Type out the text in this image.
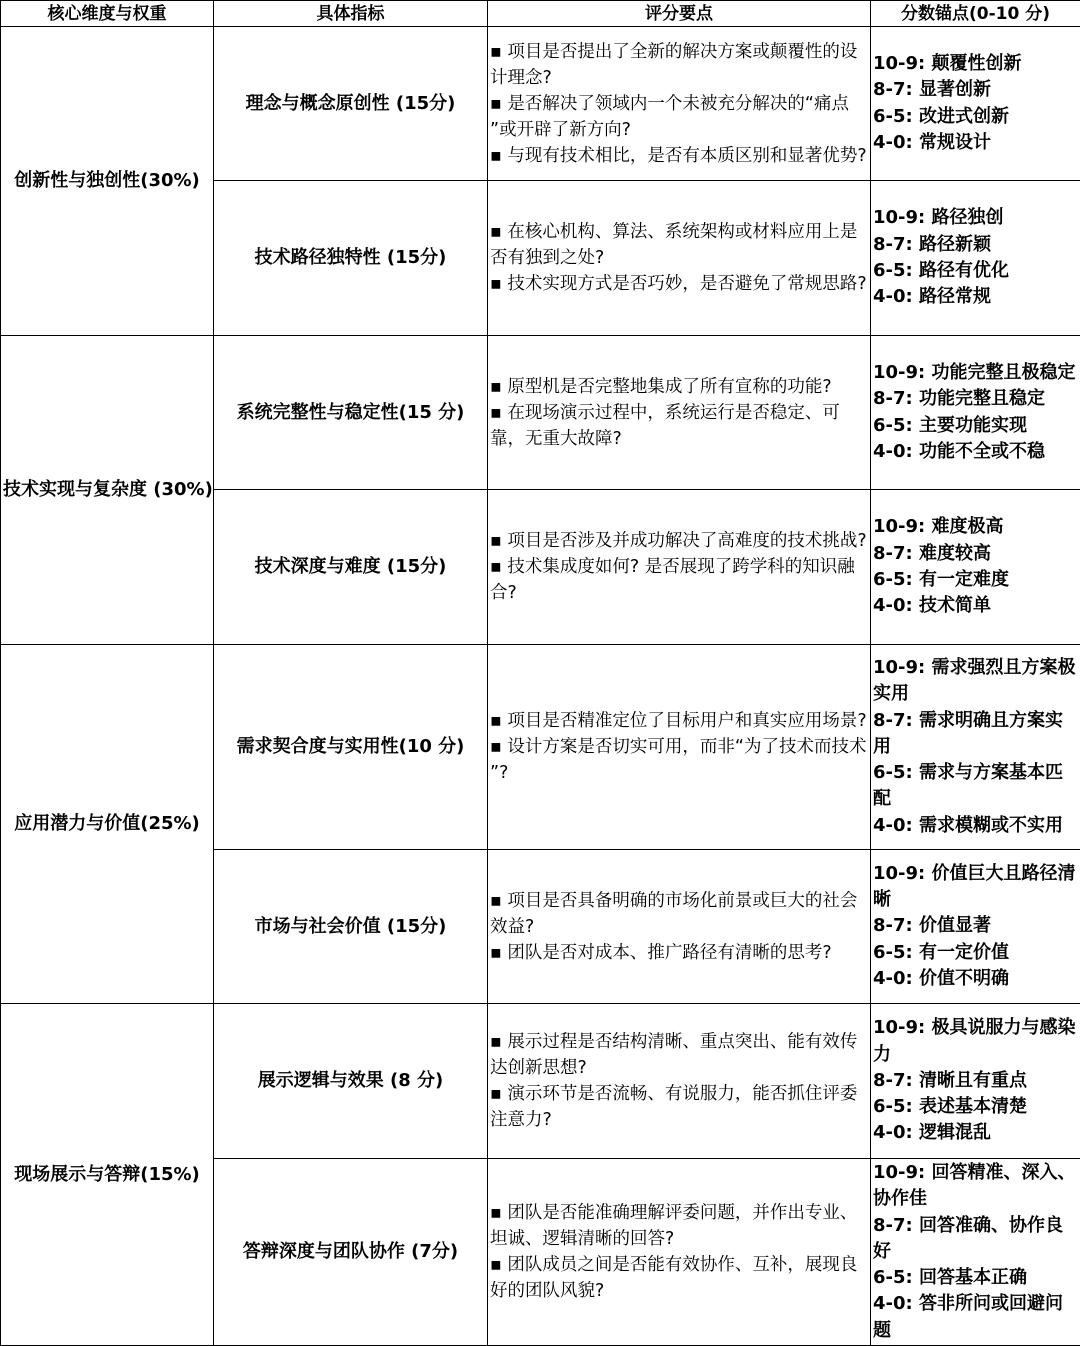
核心维度与权重	具体指标	评分要点	分数锚点(0-10 分)
创新性与独创性(30%)	理念与概念原创性 (15分)	▪ 项目是否提出了全新的解决方案或颠覆性的设计理念?
▪ 是否解决了领域内一个未被充分解决的“痛点 ”或开辟了新方向?
▪ 与现有技术相比，是否有本质区别和显著优势?	10-9: 颠覆性创新
8-7: 显著创新
6-5: 改进式创新
4-0: 常规设计

	技术路径独特性 (15分)	▪ 在核心机构、算法、系统架构或材料应用上是否有独到之处?
▪ 技术实现方式是否巧妙，是否避免了常规思路?	10-9: 路径独创
8-7: 路径新颖
6-5: 路径有优化
4-0: 路径常规

技术实现与复杂度 (30%)	系统完整性与稳定性(15 分)	▪ 原型机是否完整地集成了所有宣称的功能?
▪ 在现场演示过程中，系统运行是否稳定、可靠，无重大故障?	10-9: 功能完整且极稳定
8-7: 功能完整且稳定
6-5: 主要功能实现
4-0: 功能不全或不稳

	技术深度与难度 (15分)	▪ 项目是否涉及并成功解决了高难度的技术挑战?
▪ 技术集成度如何? 是否展现了跨学科的知识融合?	10-9: 难度极高
8-7: 难度较高
6-5: 有一定难度
4-0: 技术简单

应用潜力与价值(25%)	需求契合度与实用性(10 分)	▪ 项目是否精准定位了目标用户和真实应用场景?
▪ 设计方案是否切实可用，而非“为了技术而技术 ”?	10-9: 需求强烈且方案极实用
8-7: 需求明确且方案实用
6-5: 需求与方案基本匹配
4-0: 需求模糊或不实用

	市场与社会价值 (15分)	▪ 项目是否具备明确的市场化前景或巨大的社会效益?
▪ 团队是否对成本、推广路径有清晰的思考?	10-9: 价值巨大且路径清晰
8-7: 价值显著
6-5: 有一定价值
4-0: 价值不明确

现场展示与答辩(15%)	展示逻辑与效果 (8 分)	▪ 展示过程是否结构清晰、重点突出、能有效传达创新思想?
▪ 演示环节是否流畅、有说服力，能否抓住评委注意力?	10-9: 极具说服力与感染力
8-7: 清晰且有重点
6-5: 表述基本清楚
4-0: 逻辑混乱

	答辩深度与团队协作 (7分)	▪ 团队是否能准确理解评委问题，并作出专业、坦诚、逻辑清晰的回答?
▪ 团队成员之间是否能有效协作、互补，展现良好的团队风貌?	10-9: 回答精准、深入、协作佳
8-7: 回答准确、协作良好
6-5: 回答基本正确
4-0: 答非所问或回避问题
